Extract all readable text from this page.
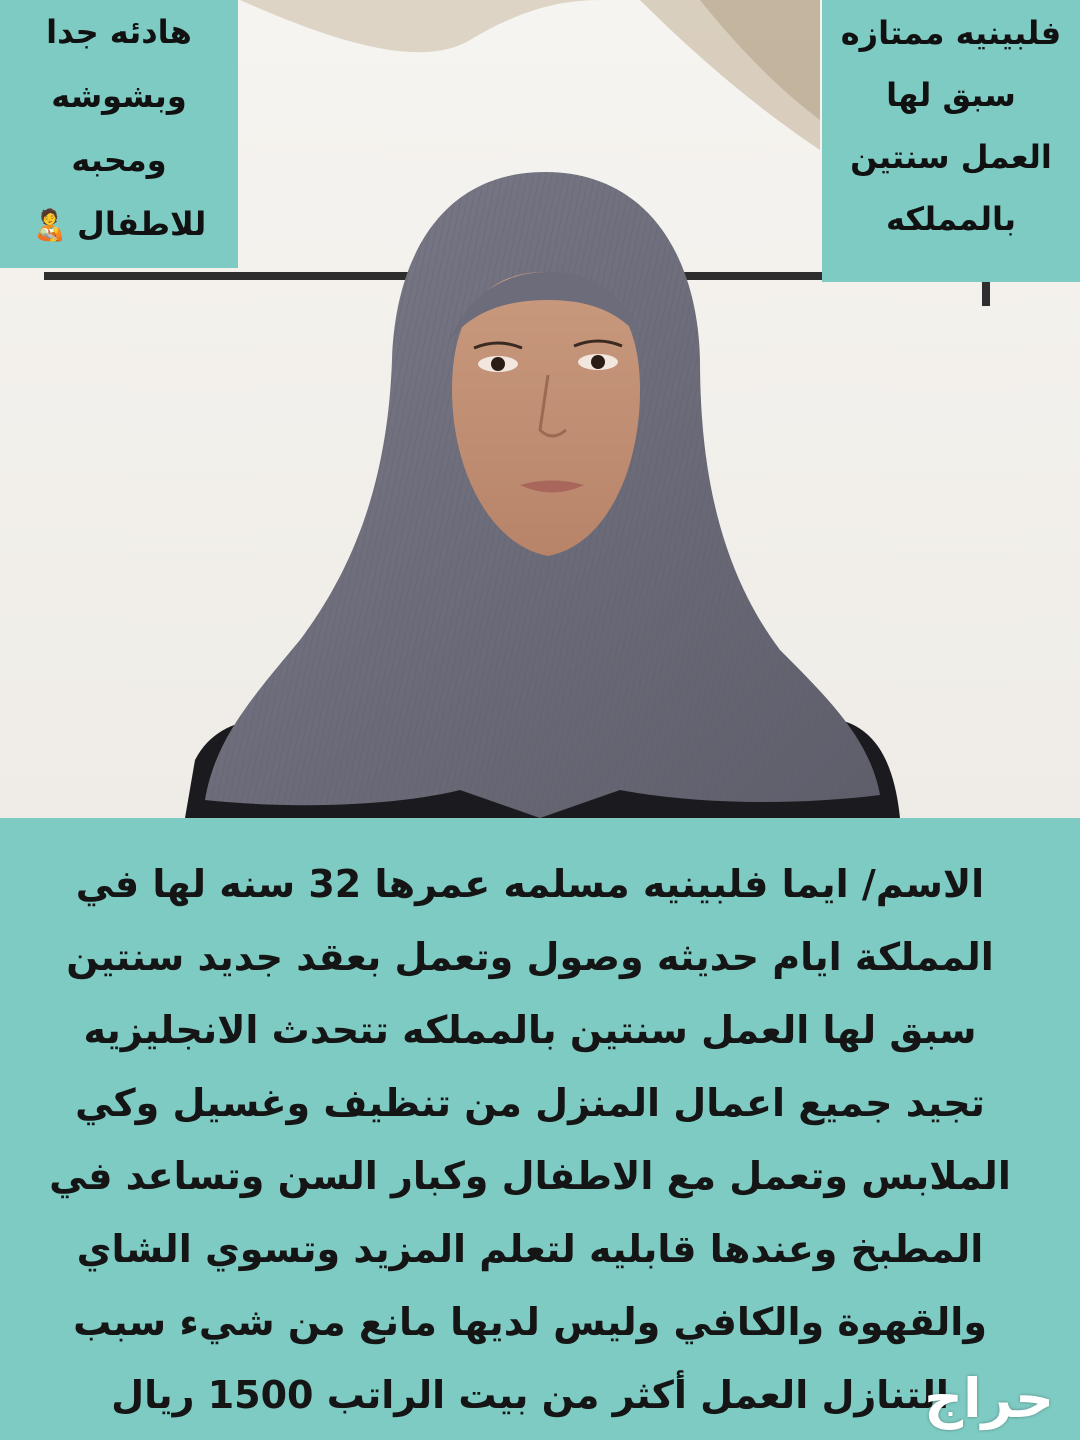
هادئه جدا
وبشوشه
ومحبه
للاطفال🧑‍🍼
فلبينيه ممتازه
سبق لها
العمل سنتين
بالمملكه
الاسم/ ايما فلبينيه مسلمه عمرها 32 سنه لها في
المملكة ايام حديثه وصول وتعمل بعقد جديد سنتين
سبق لها العمل سنتين بالمملكه تتحدث الانجليزيه
تجيد جميع اعمال المنزل من تنظيف وغسيل وكي
الملابس وتعمل مع الاطفال وكبار السن وتساعد في
المطبخ وعندها قابليه لتعلم المزيد وتسوي الشاي
والقهوة والكافي وليس لديها مانع من شيء سبب
التنازل العمل أكثر من بيت الراتب 1500 ريال
حراج
